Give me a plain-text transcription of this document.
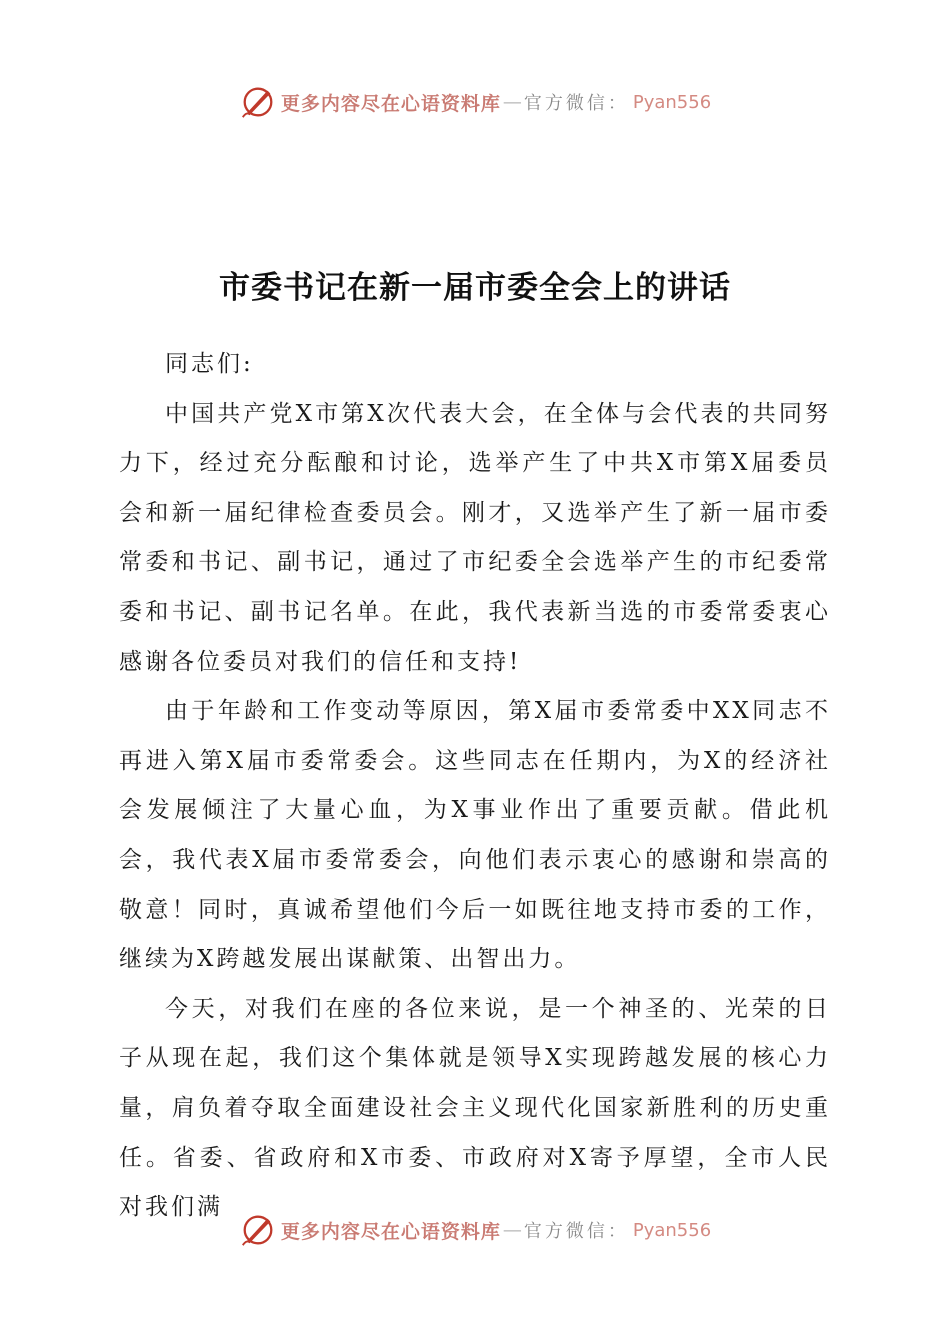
更多内容尽在心语资料库 — 官方微信： Pyan556
市委书记在新一届市委全会上的讲话

同志们:

中国共产党X市第X次代表大会，在全体与会代表的共同努力下，经过充分酝酿和讨论，选举产生了中共X市第X届委员会和新一届纪律检查委员会。刚才，又选举产生了新一届市委常委和书记、副书记，通过了市纪委全会选举产生的市纪委常委和书记、副书记名单。在此，我代表新当选的市委常委衷心感谢各位委员对我们的信任和支持!

由于年龄和工作变动等原因，第X届市委常委中XX同志不再进入第X届市委常委会。这些同志在任期内，为X的经济社会发展倾注了大量心血，为X事业作出了重要贡献。借此机会，我代表X届市委常委会，向他们表示衷心的感谢和崇高的敬意！同时，真诚希望他们今后一如既往地支持市委的工作，继续为X跨越发展出谋献策、出智出力。

今天，对我们在座的各位来说，是一个神圣的、光荣的日子从现在起，我们这个集体就是领导X实现跨越发展的核心力量，肩负着夺取全面建设社会主义现代化国家新胜利的历史重任。省委、省政府和X市委、市政府对X寄予厚望，全市人民对我们满

更多内容尽在心语资料库 — 官方微信： Pyan556
